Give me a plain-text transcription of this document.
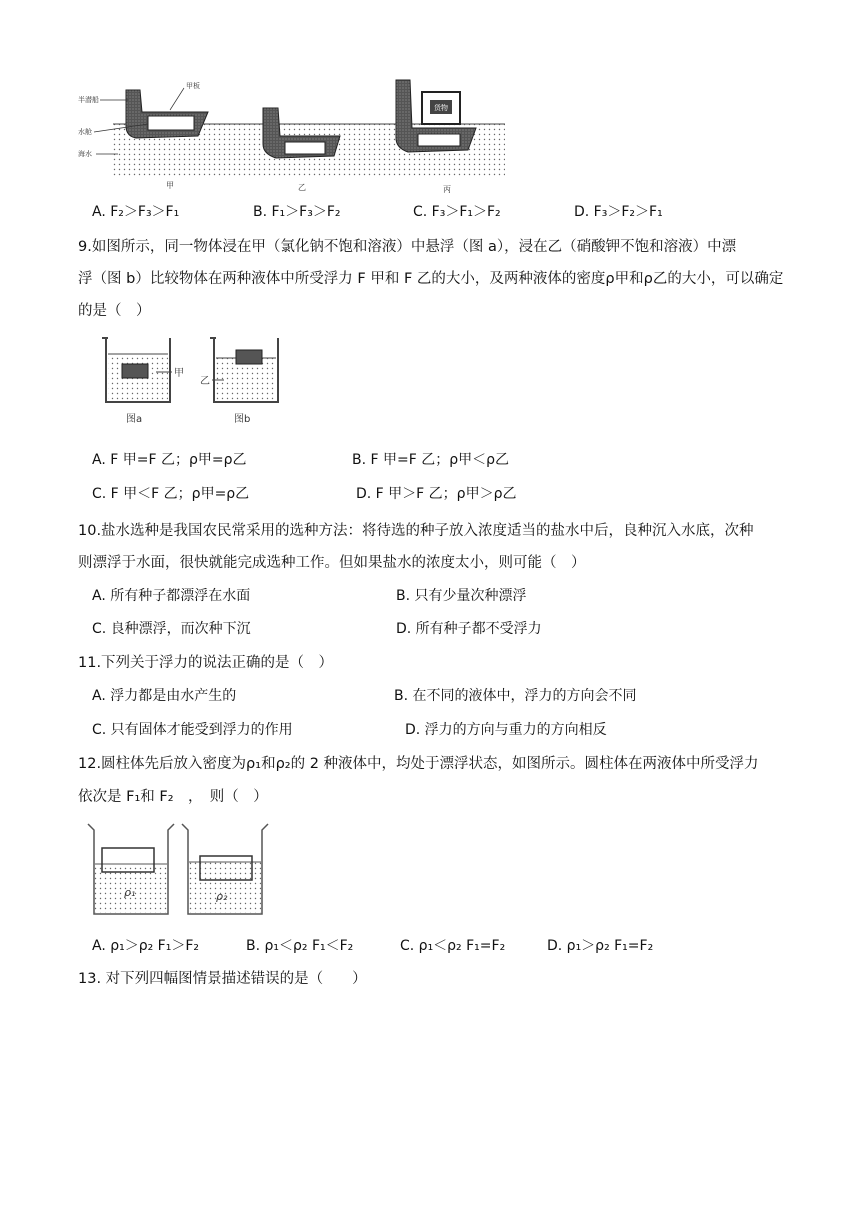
货物
半潜船
甲板
水舱
海水
甲	乙	丙
A. F₂＞F₃＞F₁	B. F₁＞F₃＞F₂	C. F₃＞F₁＞F₂	D. F₃＞F₂＞F₁
9.如图所示，同一物体浸在甲（氯化钠不饱和溶液）中悬浮（图 a），浸在乙（硝酸钾不饱和溶液）中漂
浮（图 b）比较物体在两种液体中所受浮力 F 甲和 F 乙的大小，及两种液体的密度ρ甲和ρ乙的大小，可以确定
的是（　）
甲
图a
乙
图b
A. F 甲=F 乙；ρ甲=ρ乙	B. F 甲=F 乙；ρ甲＜ρ乙
C. F 甲＜F 乙；ρ甲=ρ乙	D. F 甲＞F 乙；ρ甲＞ρ乙
10.盐水选种是我国农民常采用的选种方法：将待选的种子放入浓度适当的盐水中后，良种沉入水底，次种
则漂浮于水面，很快就能完成选种工作。但如果盐水的浓度太小，则可能（　）
A. 所有种子都漂浮在水面	B. 只有少量次种漂浮
C. 良种漂浮，而次种下沉	D. 所有种子都不受浮力
11.下列关于浮力的说法正确的是（　）
A. 浮力都是由水产生的	B. 在不同的液体中，浮力的方向会不同
C. 只有固体才能受到浮力的作用	D. 浮力的方向与重力的方向相反
12.圆柱体先后放入密度为ρ₁和ρ₂的 2 种液体中，均处于漂浮状态，如图所示。圆柱体在两液体中所受浮力
依次是 F₁和 F₂　，　则（　）
ρ₁	ρ₂
A. ρ₁＞ρ₂ F₁＞F₂	B. ρ₁＜ρ₂ F₁＜F₂	C. ρ₁＜ρ₂ F₁=F₂	D. ρ₁＞ρ₂ F₁=F₂
13. 对下列四幅图情景描述错误的是（　　）
